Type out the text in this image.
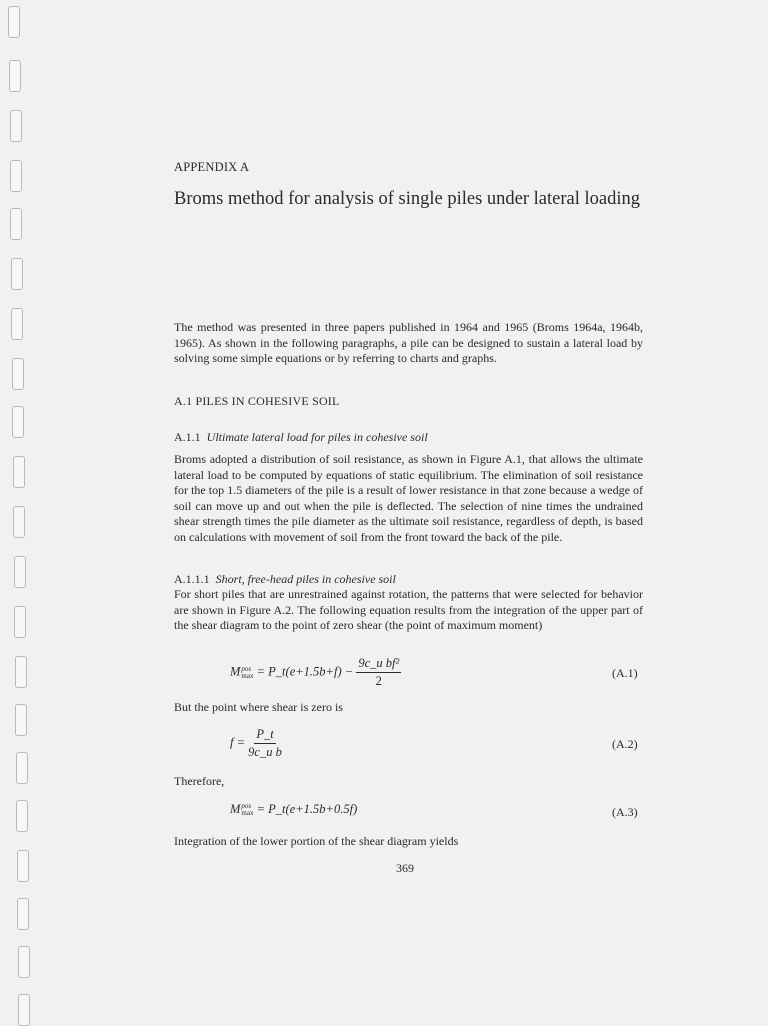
APPENDIX A
Broms method for analysis of single piles under lateral loading

The method was presented in three papers published in 1964 and 1965 (Broms 1964a, 1964b, 1965). As shown in the following paragraphs, a pile can be designed to sustain a lateral load by solving some simple equations or by referring to charts and graphs.

A.1 PILES IN COHESIVE SOIL
A.1.1 Ultimate lateral load for piles in cohesive soil

Broms adopted a distribution of soil resistance, as shown in Figure A.1, that allows the ultimate lateral load to be computed by equations of static equilibrium. The elimination of soil resistance for the top 1.5 diameters of the pile is a result of lower resistance in that zone because a wedge of soil can move up and out when the pile is deflected. The selection of nine times the undrained shear strength times the pile diameter as the ultimate soil resistance, regardless of depth, is based on calculations with movement of soil from the front toward the back of the pile.

A.1.1.1 Short, free-head piles in cohesive soil

For short piles that are unrestrained against rotation, the patterns that were selected for behavior are shown in Figure A.2. The following equation results from the integration of the upper part of the shear diagram to the point of zero shear (the point of maximum moment)

M pos
max = P_t(e+1.5b+f) − $\frac{\text{9c\_u bf²}}{2}$	(A.1)
But the point where shear is zero is
$f = \frac{P\_t}{\text{9c\_u b}}$	(A.2)
Therefore,
M pos
max = P_t(e+1.5b+0.5f)	(A.3)
Integration of the lower portion of the shear diagram yields
369
